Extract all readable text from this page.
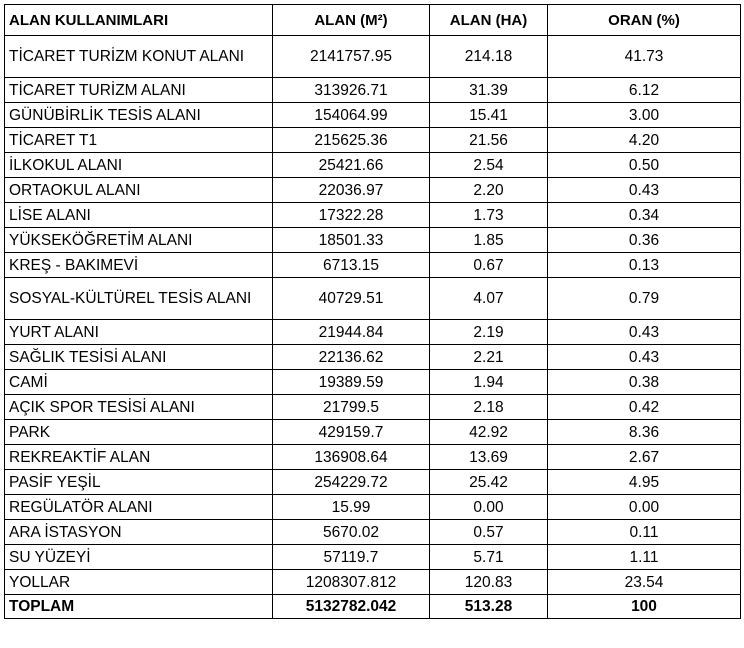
ALAN KULLANIMLARI	ALAN (M²)	ALAN (HA)	ORAN (%)
TİCARET TURİZM KONUT ALANI	2141757.95	214.18	41.73
TİCARET TURİZM ALANI	313926.71	31.39	6.12
GÜNÜBİRLİK TESİS ALANI	154064.99	15.41	3.00
TİCARET T1	215625.36	21.56	4.20
İLKOKUL ALANI	25421.66	2.54	0.50
ORTAOKUL ALANI	22036.97	2.20	0.43
LİSE ALANI	17322.28	1.73	0.34
YÜKSEKÖĞRETİM ALANI	18501.33	1.85	0.36
KREŞ - BAKIMEVİ	6713.15	0.67	0.13
SOSYAL-KÜLTÜREL TESİS ALANI	40729.51	4.07	0.79
YURT ALANI	21944.84	2.19	0.43
SAĞLIK TESİSİ ALANI	22136.62	2.21	0.43
CAMİ	19389.59	1.94	0.38
AÇIK SPOR TESİSİ ALANI	21799.5	2.18	0.42
PARK	429159.7	42.92	8.36
REKREAKTİF ALAN	136908.64	13.69	2.67
PASİF YEŞİL	254229.72	25.42	4.95
REGÜLATÖR ALANI	15.99	0.00	0.00
ARA İSTASYON	5670.02	0.57	0.11
SU YÜZEYİ	57119.7	5.71	1.11
YOLLAR	1208307.812	120.83	23.54
TOPLAM	5132782.042	513.28	100
